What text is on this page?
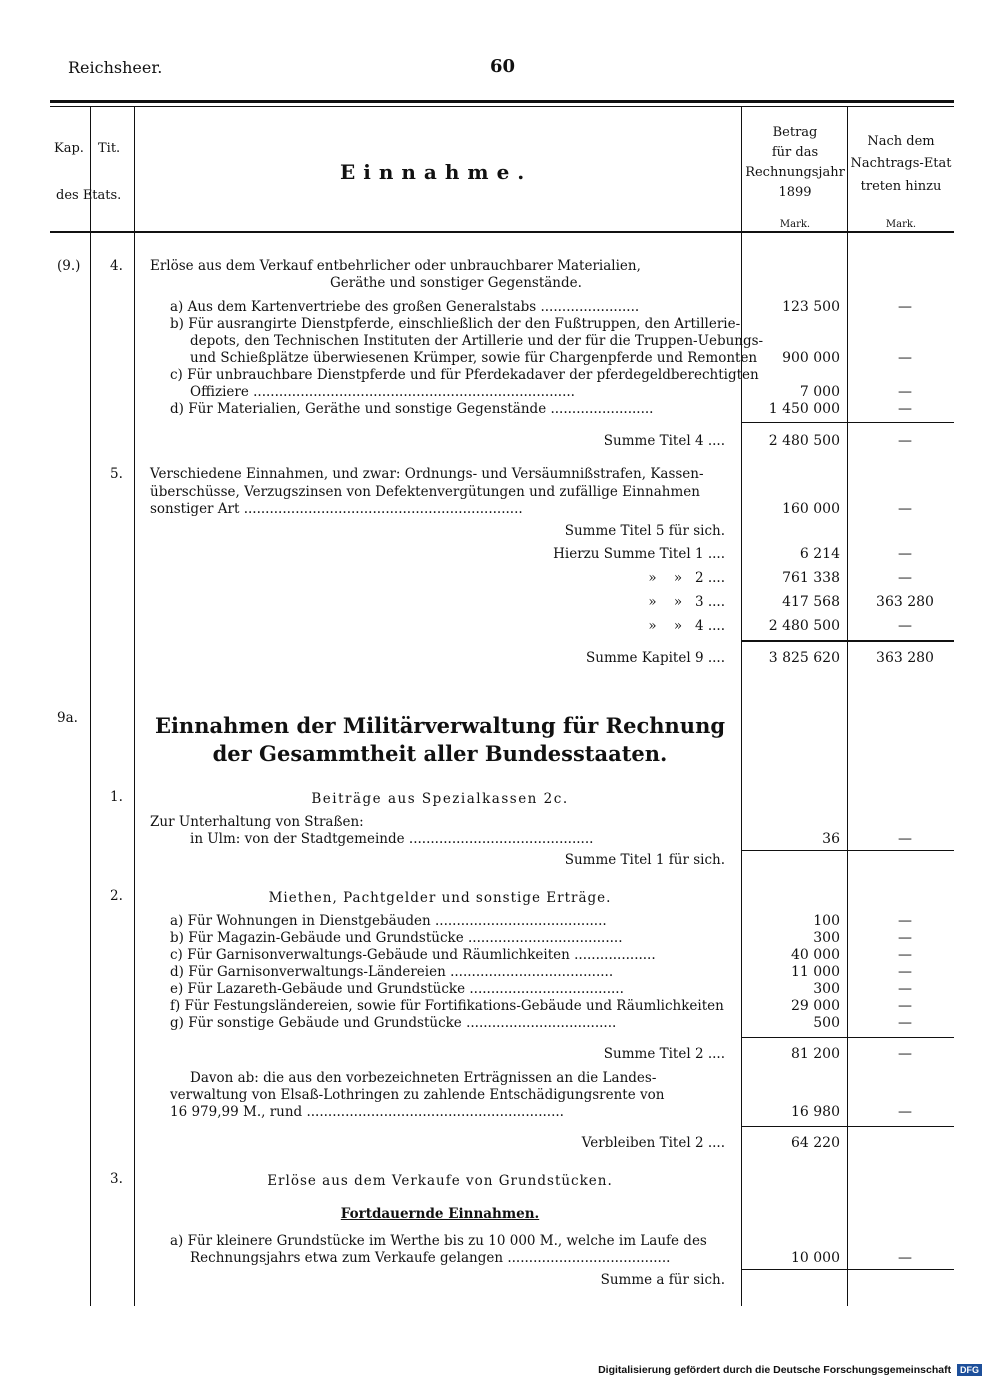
Reichsheer.	60
Kap. Tit.
des Etats.
Einnahme.
Betrag
für das
Rechnungsjahr
1899
Mark.
Nach dem
Nachtrags-Etat
treten hinzu
Mark.
(9.) 4. Erlöse aus dem Verkauf entbehrlicher oder unbrauchbarer Materialien,
Geräthe und sonstiger Gegenstände.
a) Aus dem Kartenvertriebe des großen Generalstabs .......................	123 500	—
b) Für ausrangirte Dienstpferde, einschließlich der den Fußtruppen, den Artillerie-
depots, den Technischen Instituten der Artillerie und der für die Truppen-Uebungs-
und Schießplätze überwiesenen Krümper, sowie für Chargenpferde und Remonten	900 000	—
c) Für unbrauchbare Dienstpferde und für Pferdekadaver der pferdegeldberechtigten
Offiziere ...........................................................................	7 000	—
d) Für Materialien, Geräthe und sonstige Gegenstände ........................	1 450 000	—
Summe Titel 4 ....	2 480 500	—
5. Verschiedene Einnahmen, und zwar: Ordnungs- und Versäumnißstrafen, Kassen-
überschüsse, Verzugszinsen von Defektenvergütungen und zufällige Einnahmen
sonstiger Art .................................................................	160 000	—
Summe Titel 5 für sich.
Hierzu Summe Titel 1 ....	6 214	—
»    »   2 ....	761 338	—
»    »   3 ....	417 568	363 280
»    »   4 ....	2 480 500	—
Summe Kapitel 9 ....	3 825 620	363 280
9a.	Einnahmen der Militärverwaltung für Rechnung
der Gesammtheit aller Bundesstaaten.
1.	Beiträge aus Spezialkassen 2c.
Zur Unterhaltung von Straßen:
in Ulm: von der Stadtgemeinde ...........................................	36	—
Summe Titel 1 für sich.
2.	Miethen, Pachtgelder und sonstige Erträge.
a) Für Wohnungen in Dienstgebäuden ........................................	100	—
b) Für Magazin-Gebäude und Grundstücke ....................................	300	—
c) Für Garnisonverwaltungs-Gebäude und Räumlichkeiten ...................	40 000	—
d) Für Garnisonverwaltungs-Ländereien ......................................	11 000	—
e) Für Lazareth-Gebäude und Grundstücke ....................................	300	—
f) Für Festungsländereien, sowie für Fortifikations-Gebäude und Räumlichkeiten	29 000	—
g) Für sonstige Gebäude und Grundstücke ...................................	500	—
Summe Titel 2 ....	81 200	—
Davon ab: die aus den vorbezeichneten Erträgnissen an die Landes-
verwaltung von Elsaß-Lothringen zu zahlende Entschädigungsrente von
16 979,99 M., rund ............................................................	16 980	—
Verbleiben Titel 2 ....	64 220
3.	Erlöse aus dem Verkaufe von Grundstücken.
Fortdauernde Einnahmen.
a) Für kleinere Grundstücke im Werthe bis zu 10 000 M., welche im Laufe des
Rechnungsjahrs etwa zum Verkaufe gelangen ......................................	10 000	—
Summe a für sich.
Digitalisierung gefördert durch die Deutsche Forschungsgemeinschaft DFG
